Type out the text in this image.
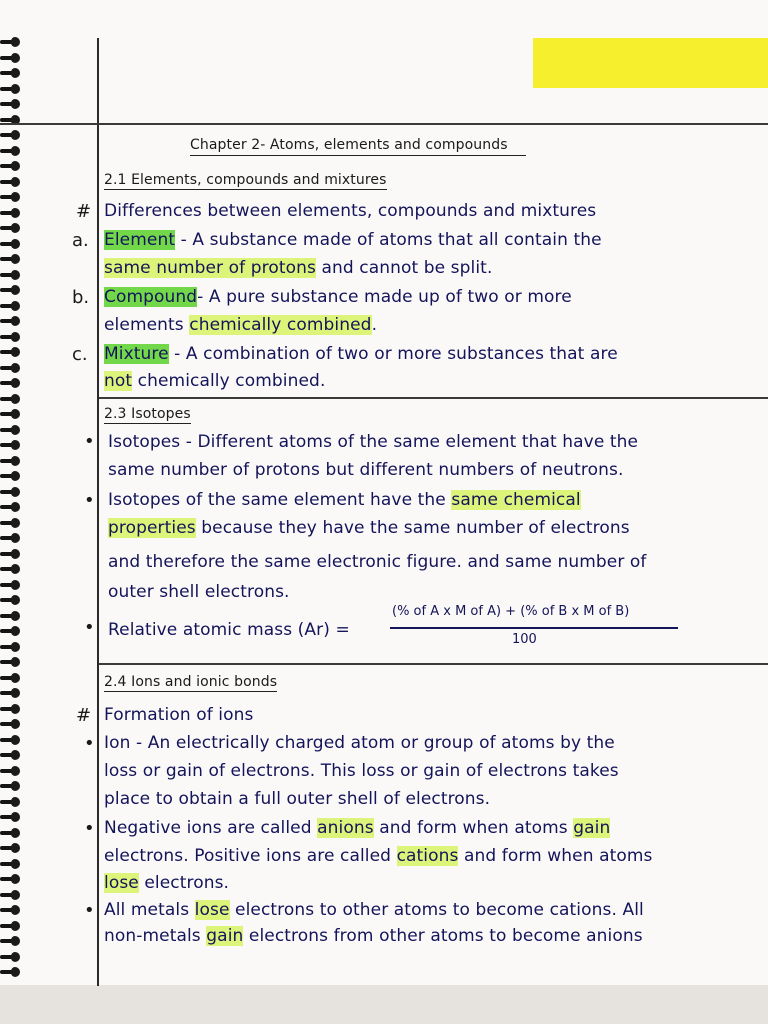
Chapter 2- Atoms, elements and compounds
2.1 Elements, compounds and mixtures
# Differences between elements, compounds and mixtures
a. Element - A substance made of atoms that all contain the
same number of protons and cannot be split.
b. Compound- A pure substance made up of two or more
elements chemically combined.
c. Mixture - A combination of two or more substances that are
not chemically combined.
2.3 Isotopes
• Isotopes - Different atoms of the same element that have the
same number of protons but different numbers of neutrons.
• Isotopes of the same element have the same chemical
properties because they have the same number of electrons
and therefore the same electronic figure. and same number of
outer shell electrons.
• Relative atomic mass (Ar) =
(% of A x M of A) + (% of B x M of B)
100
2.4 Ions and ionic bonds
# Formation of ions
• Ion - An electrically charged atom or group of atoms by the
loss or gain of electrons. This loss or gain of electrons takes
place to obtain a full outer shell of electrons.
• Negative ions are called anions and form when atoms gain
electrons. Positive ions are called cations and form when atoms
lose electrons.
• All metals lose electrons to other atoms to become cations. All
non-metals gain electrons from other atoms to become anions
